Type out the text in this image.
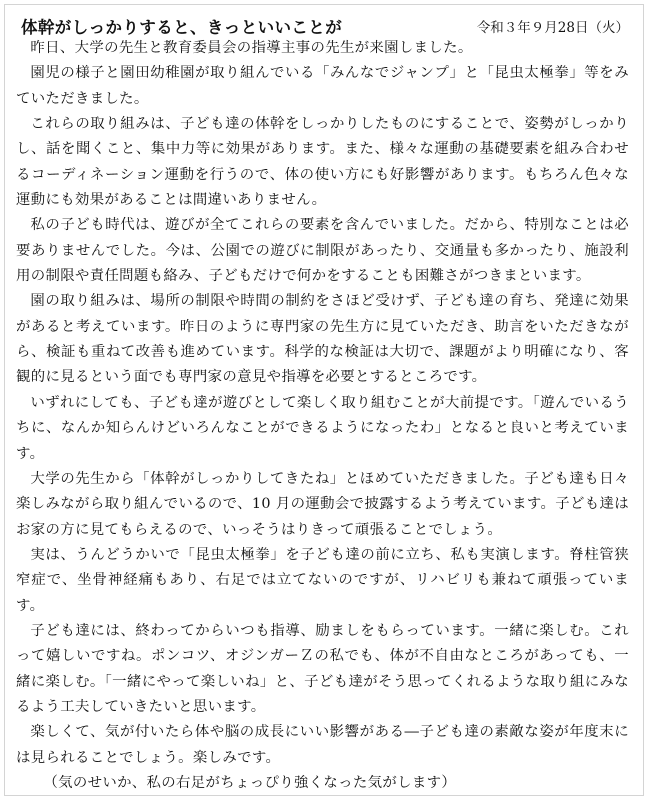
体幹がしっかりすると、きっといいことが	令和３年９月28日（火）

昨日、大学の先生と教育委員会の指導主事の先生が来園しました。

園児の様子と園田幼稚園が取り組んでいる「みんなでジャンプ」と「昆虫太極拳」等をみていただきました。

これらの取り組みは、子ども達の体幹をしっかりしたものにすることで、姿勢がしっかりし、話を聞くこと、集中力等に効果があります。また、様々な運動の基礎要素を組み合わせるコーディネーション運動を行うので、体の使い方にも好影響があります。もちろん色々な運動にも効果があることは間違いありません。

私の子ども時代は、遊びが全てこれらの要素を含んでいました。だから、特別なことは必要ありませんでした。今は、公園での遊びに制限があったり、交通量も多かったり、施設利用の制限や責任問題も絡み、子どもだけで何かをすることも困難さがつきまといます。

園の取り組みは、場所の制限や時間の制約をさほど受けず、子ども達の育ち、発達に効果があると考えています。昨日のように専門家の先生方に見ていただき、助言をいただきながら、検証も重ねて改善も進めています。科学的な検証は大切で、課題がより明確になり、客観的に見るという面でも専門家の意見や指導を必要とするところです。

いずれにしても、子ども達が遊びとして楽しく取り組むことが大前提です。「遊んでいるうちに、なんか知らんけどいろんなことができるようになったわ」となると良いと考えています。

大学の先生から「体幹がしっかりしてきたね」とほめていただきました。子ども達も日々楽しみながら取り組んでいるので、10 月の運動会で披露するよう考えています。子ども達はお家の方に見てもらえるので、いっそうはりきって頑張ることでしょう。

実は、うんどうかいで「昆虫太極拳」を子ども達の前に立ち、私も実演します。脊柱管狭窄症で、坐骨神経痛もあり、右足では立てないのですが、リハビリも兼ねて頑張っています。

子ども達には、終わってからいつも指導、励ましをもらっています。一緒に楽しむ。これって嬉しいですね。ポンコツ、オジンガーＺの私でも、体が不自由なところがあっても、一緒に楽しむ。「一緒にやって楽しいね」と、子ども達がそう思ってくれるような取り組にみなるよう工夫していきたいと思います。

楽しくて、気が付いたら体や脳の成長にいい影響がある―子ども達の素敵な姿が年度末には見られることでしょう。楽しみです。

（気のせいか、私の右足がちょっぴり強くなった気がします）
